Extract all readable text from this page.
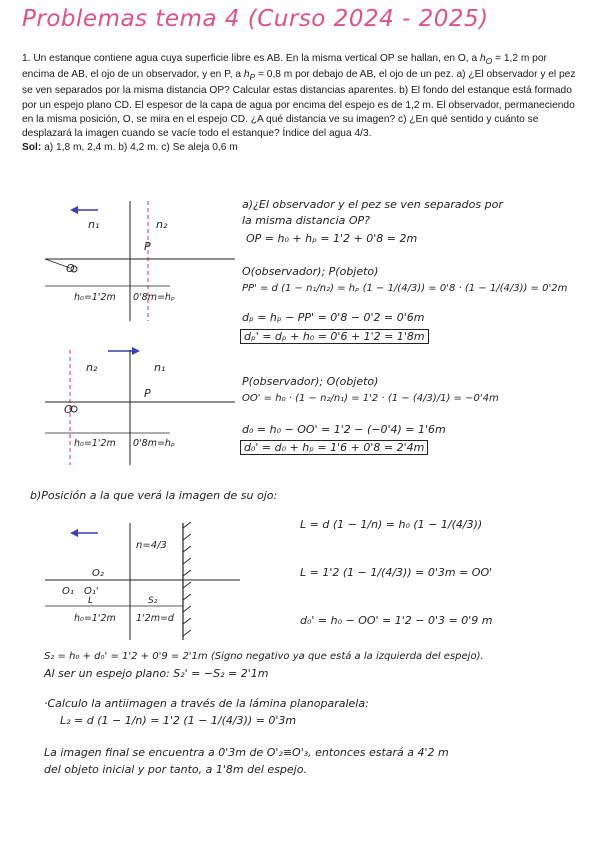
Problemas tema 4 (Curso 2024 - 2025)
1. Un estanque contiene agua cuya superficie libre es AB. En la misma vertical OP se hallan, en O, a $h_O = 1,2$ m por encima de AB, el ojo de un observador, y en P, a $h_P = 0,8$ m por debajo de AB, el ojo de un pez. a) ¿El observador y el pez se ven separados por la misma distancia OP? Calcular estas distancias aparentes. b) El fondo del estanque está formado por un espejo plano CD. El espesor de la capa de agua por encima del espejo es de 1,2 m. El observador, permaneciendo en la misma posición, O, se mira en el espejo CD. ¿A qué distancia ve su imagen? c) ¿En qué sentido y cuánto se desplazará la imagen cuando se vacíe todo el estanque? Índice del agua 4/3.
Sol: a) 1,8 m, 2,4 m. b) 4,2 m. c) Se aleja 0,6 m
n₁	n₂
P
O
h₀=1'2m 0'8m=hₚ
a)¿El observador y el pez se ven separados por
la misma distancia OP?
OP = h₀ + hₚ = 1'2 + 0'8 = 2m
O(observador); P(objeto)
PP' = d (1 − n₁/n₂) = hₚ (1 − 1/(4/3)) = 0'8 · (1 − 1/(4/3)) = 0'2m
dₚ = hₚ − PP' = 0'8 − 0'2 = 0'6m
dₚ' = dₚ + h₀ = 0'6 + 1'2 = 1'8m
n₂	n₁
P
O
h₀=1'2m 0'8m=hₚ
P(observador); O(objeto)
OO' = h₀ · (1 − n₂/n₁) = 1'2 · (1 − (4/3)/1) = −0'4m
d₀ = h₀ − OO' = 1'2 − (−0'4) = 1'6m
d₀' = d₀ + hₚ = 1'6 + 0'8 = 2'4m
b)Posición a la que verá la imagen de su ojo:
n=4/3
O₂
O₁ O₁'
L	S₂
h₀=1'2m 1'2m=d
L = d (1 − 1/n) = h₀ (1 − 1/(4/3))
L = 1'2 (1 − 1/(4/3)) = 0'3m = OO'
d₀' = h₀ − OO' = 1'2 − 0'3 = 0'9 m
S₂ = h₀ + d₀' = 1'2 + 0'9 = 2'1m (Signo negativo ya que está a la izquierda del espejo).
Al ser un espejo plano: S₂' = −S₂ = 2'1m
·Calculo la antiimagen a través de la lámina planoparalela:
L₂ = d (1 − 1/n) = 1'2 (1 − 1/(4/3)) = 0'3m
La imagen final se encuentra a 0'3m de O'₂≡O'₃, entonces estará a 4'2 m
del objeto inicial y por tanto, a 1'8m del espejo.
